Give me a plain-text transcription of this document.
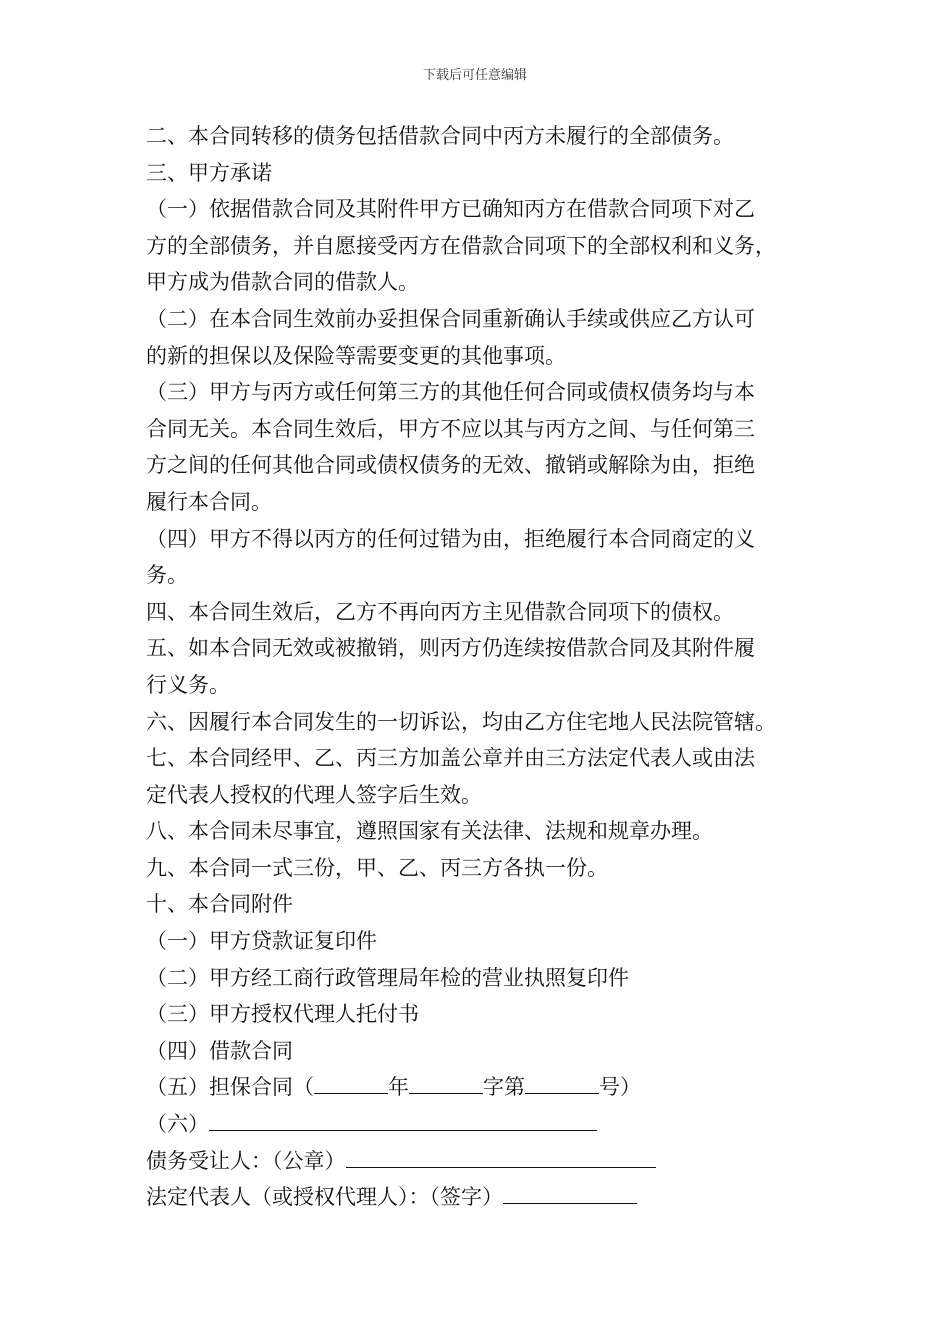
下载后可任意编辑

二、本合同转移的债务包括借款合同中丙方未履行的全部债务。

三、甲方承诺

（一）依据借款合同及其附件甲方已确知丙方在借款合同项下对乙

方的全部债务，并自愿接受丙方在借款合同项下的全部权利和义务，

甲方成为借款合同的借款人。

（二）在本合同生效前办妥担保合同重新确认手续或供应乙方认可

的新的担保以及保险等需要变更的其他事项。

（三）甲方与丙方或任何第三方的其他任何合同或债权债务均与本

合同无关。本合同生效后，甲方不应以其与丙方之间、与任何第三

方之间的任何其他合同或债权债务的无效、撤销或解除为由，拒绝

履行本合同。

（四）甲方不得以丙方的任何过错为由，拒绝履行本合同商定的义

务。

四、本合同生效后，乙方不再向丙方主见借款合同项下的债权。

五、如本合同无效或被撤销，则丙方仍连续按借款合同及其附件履

行义务。

六、因履行本合同发生的一切诉讼，均由乙方住宅地人民法院管辖。

七、本合同经甲、乙、丙三方加盖公章并由三方法定代表人或由法

定代表人授权的代理人签字后生效。

八、本合同未尽事宜，遵照国家有关法律、法规和规章办理。

九、本合同一式三份，甲、乙、丙三方各执一份。

十、本合同附件

（一）甲方贷款证复印件

（二）甲方经工商行政管理局年检的营业执照复印件

（三）甲方授权代理人托付书

（四）借款合同

（五）担保合同（	年	字第	号）

（六）

债务受让人：（公章）

法定代表人（或授权代理人）：（签字）
